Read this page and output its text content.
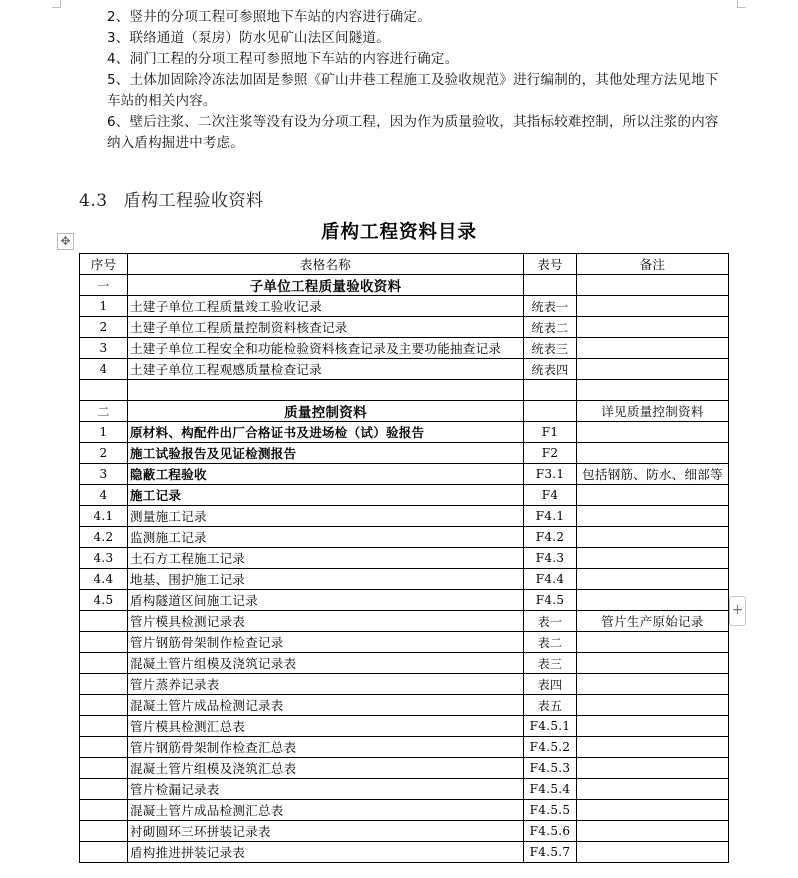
2、竖井的分项工程可参照地下车站的内容进行确定。
3、联络通道（泵房）防水见矿山法区间隧道。
4、洞门工程的分项工程可参照地下车站的内容进行确定。
5、土体加固除冷冻法加固是参照《矿山井巷工程施工及验收规范》进行编制的，其他处理方法见地下车站的相关内容。
6、壁后注浆、二次注浆等没有设为分项工程，因为作为质量验收，其指标较难控制，所以注浆的内容纳入盾构掘进中考虑。
4.3 盾构工程验收资料
盾构工程资料目录
✥
+
序号	表格名称	表号	备注
一	子单位工程质量验收资料		
1	土建子单位工程质量竣工验收记录	统表一	
2	土建子单位工程质量控制资料核查记录	统表二	
3	土建子单位工程安全和功能检验资料核查记录及主要功能抽查记录	统表三	
4	土建子单位工程观感质量检查记录	统表四	

二	质量控制资料		详见质量控制资料
1	原材料、构配件出厂合格证书及进场检（试）验报告	F1	
2	施工试验报告及见证检测报告	F2	
3	隐蔽工程验收	F3.1	包括钢筋、防水、细部等
4	施工记录	F4	
4.1	测量施工记录	F4.1	
4.2	监测施工记录	F4.2	
4.3	土石方工程施工记录	F4.3	
4.4	地基、围护施工记录	F4.4	
4.5	盾构隧道区间施工记录	F4.5	
	管片模具检测记录表	表一	管片生产原始记录
	管片钢筋骨架制作检查记录	表二	
	混凝土管片组模及浇筑记录表	表三	
	管片蒸养记录表	表四	
	混凝土管片成品检测记录表	表五	
	管片模具检测汇总表	F4.5.1	
	管片钢筋骨架制作检查汇总表	F4.5.2	
	混凝土管片组模及浇筑汇总表	F4.5.3	
	管片检漏记录表	F4.5.4	
	混凝土管片成品检测汇总表	F4.5.5	
	衬砌圆环三环拼装记录表	F4.5.6	
	盾构推进拼装记录表	F4.5.7	
